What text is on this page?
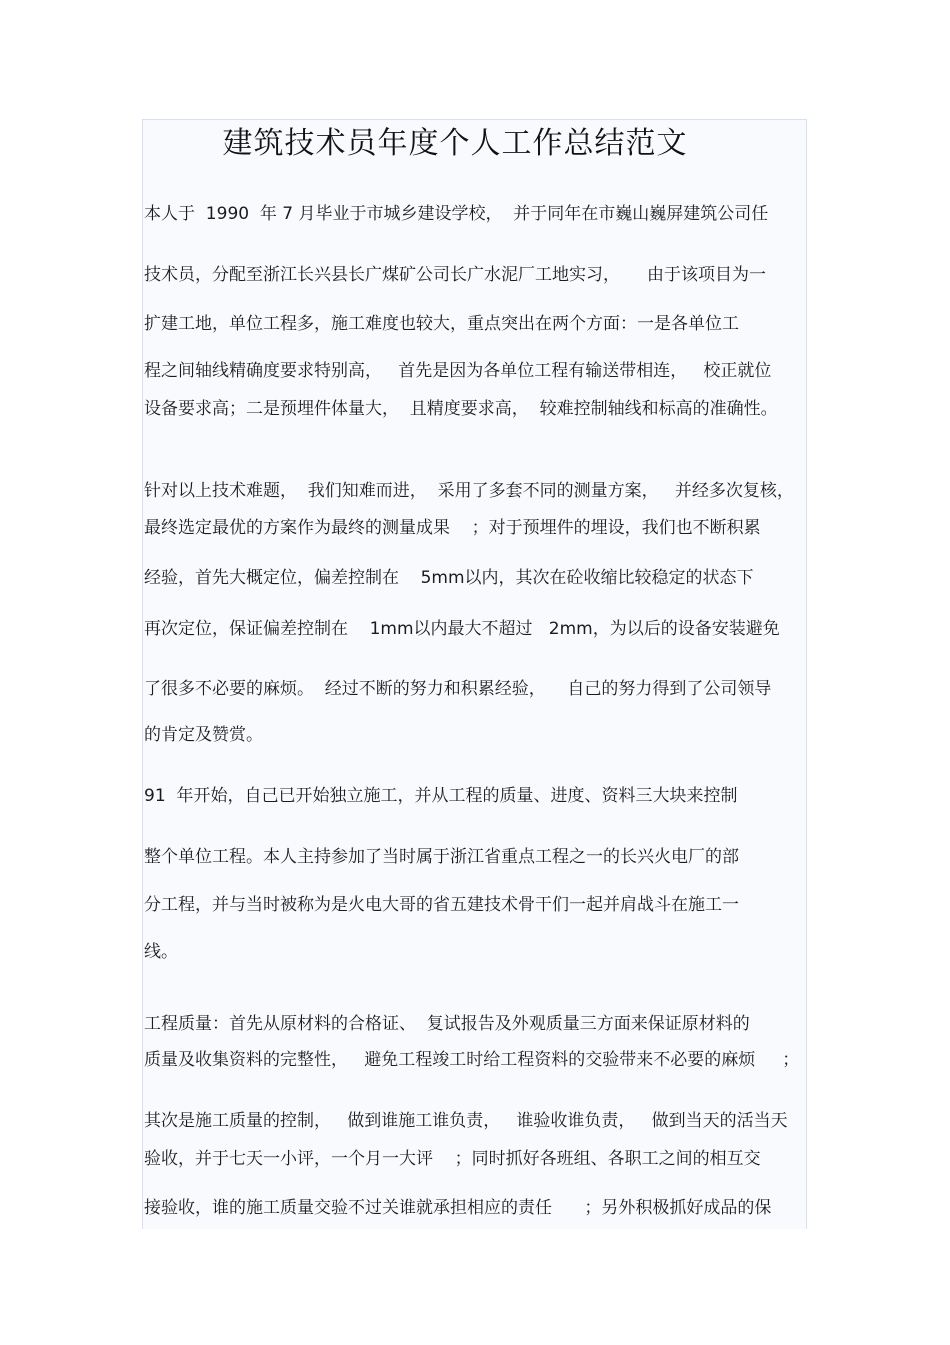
建筑技术员年度个人工作总结范文
本人于  1990  年 7 月毕业于市城乡建设学校，  并于同年在市巍山巍屏建筑公司任
技术员，分配至浙江长兴县长广煤矿公司长广水泥厂工地实习，     由于该项目为一
扩建工地，单位工程多，施工难度也较大，重点突出在两个方面：一是各单位工
程之间轴线精确度要求特别高，   首先是因为各单位工程有输送带相连，   校正就位
设备要求高；二是预埋件体量大，  且精度要求高，  较难控制轴线和标高的准确性。
针对以上技术难题，  我们知难而进，  采用了多套不同的测量方案，   并经多次复核，
最终选定最优的方案作为最终的测量成果    ；对于预埋件的埋设，我们也不断积累
经验，首先大概定位，偏差控制在    5mm以内，其次在砼收缩比较稳定的状态下
再次定位，保证偏差控制在    1mm以内最大不超过   2mm，为以后的设备安装避免
了很多不必要的麻烦。  经过不断的努力和积累经验，    自己的努力得到了公司领导
的肯定及赞赏。
91  年开始，自己已开始独立施工，并从工程的质量、进度、资料三大块来控制
整个单位工程。本人主持参加了当时属于浙江省重点工程之一的长兴火电厂的部
分工程，并与当时被称为是火电大哥的省五建技术骨干们一起并肩战斗在施工一
线。
工程质量：首先从原材料的合格证、  复试报告及外观质量三方面来保证原材料的
质量及收集资料的完整性，   避免工程竣工时给工程资料的交验带来不必要的麻烦     ；
其次是施工质量的控制，   做到谁施工谁负责，   谁验收谁负责，   做到当天的活当天
验收，并于七天一小评，一个月一大评    ；同时抓好各班组、各职工之间的相互交
接验收，谁的施工质量交验不过关谁就承担相应的责任      ；另外积极抓好成品的保
